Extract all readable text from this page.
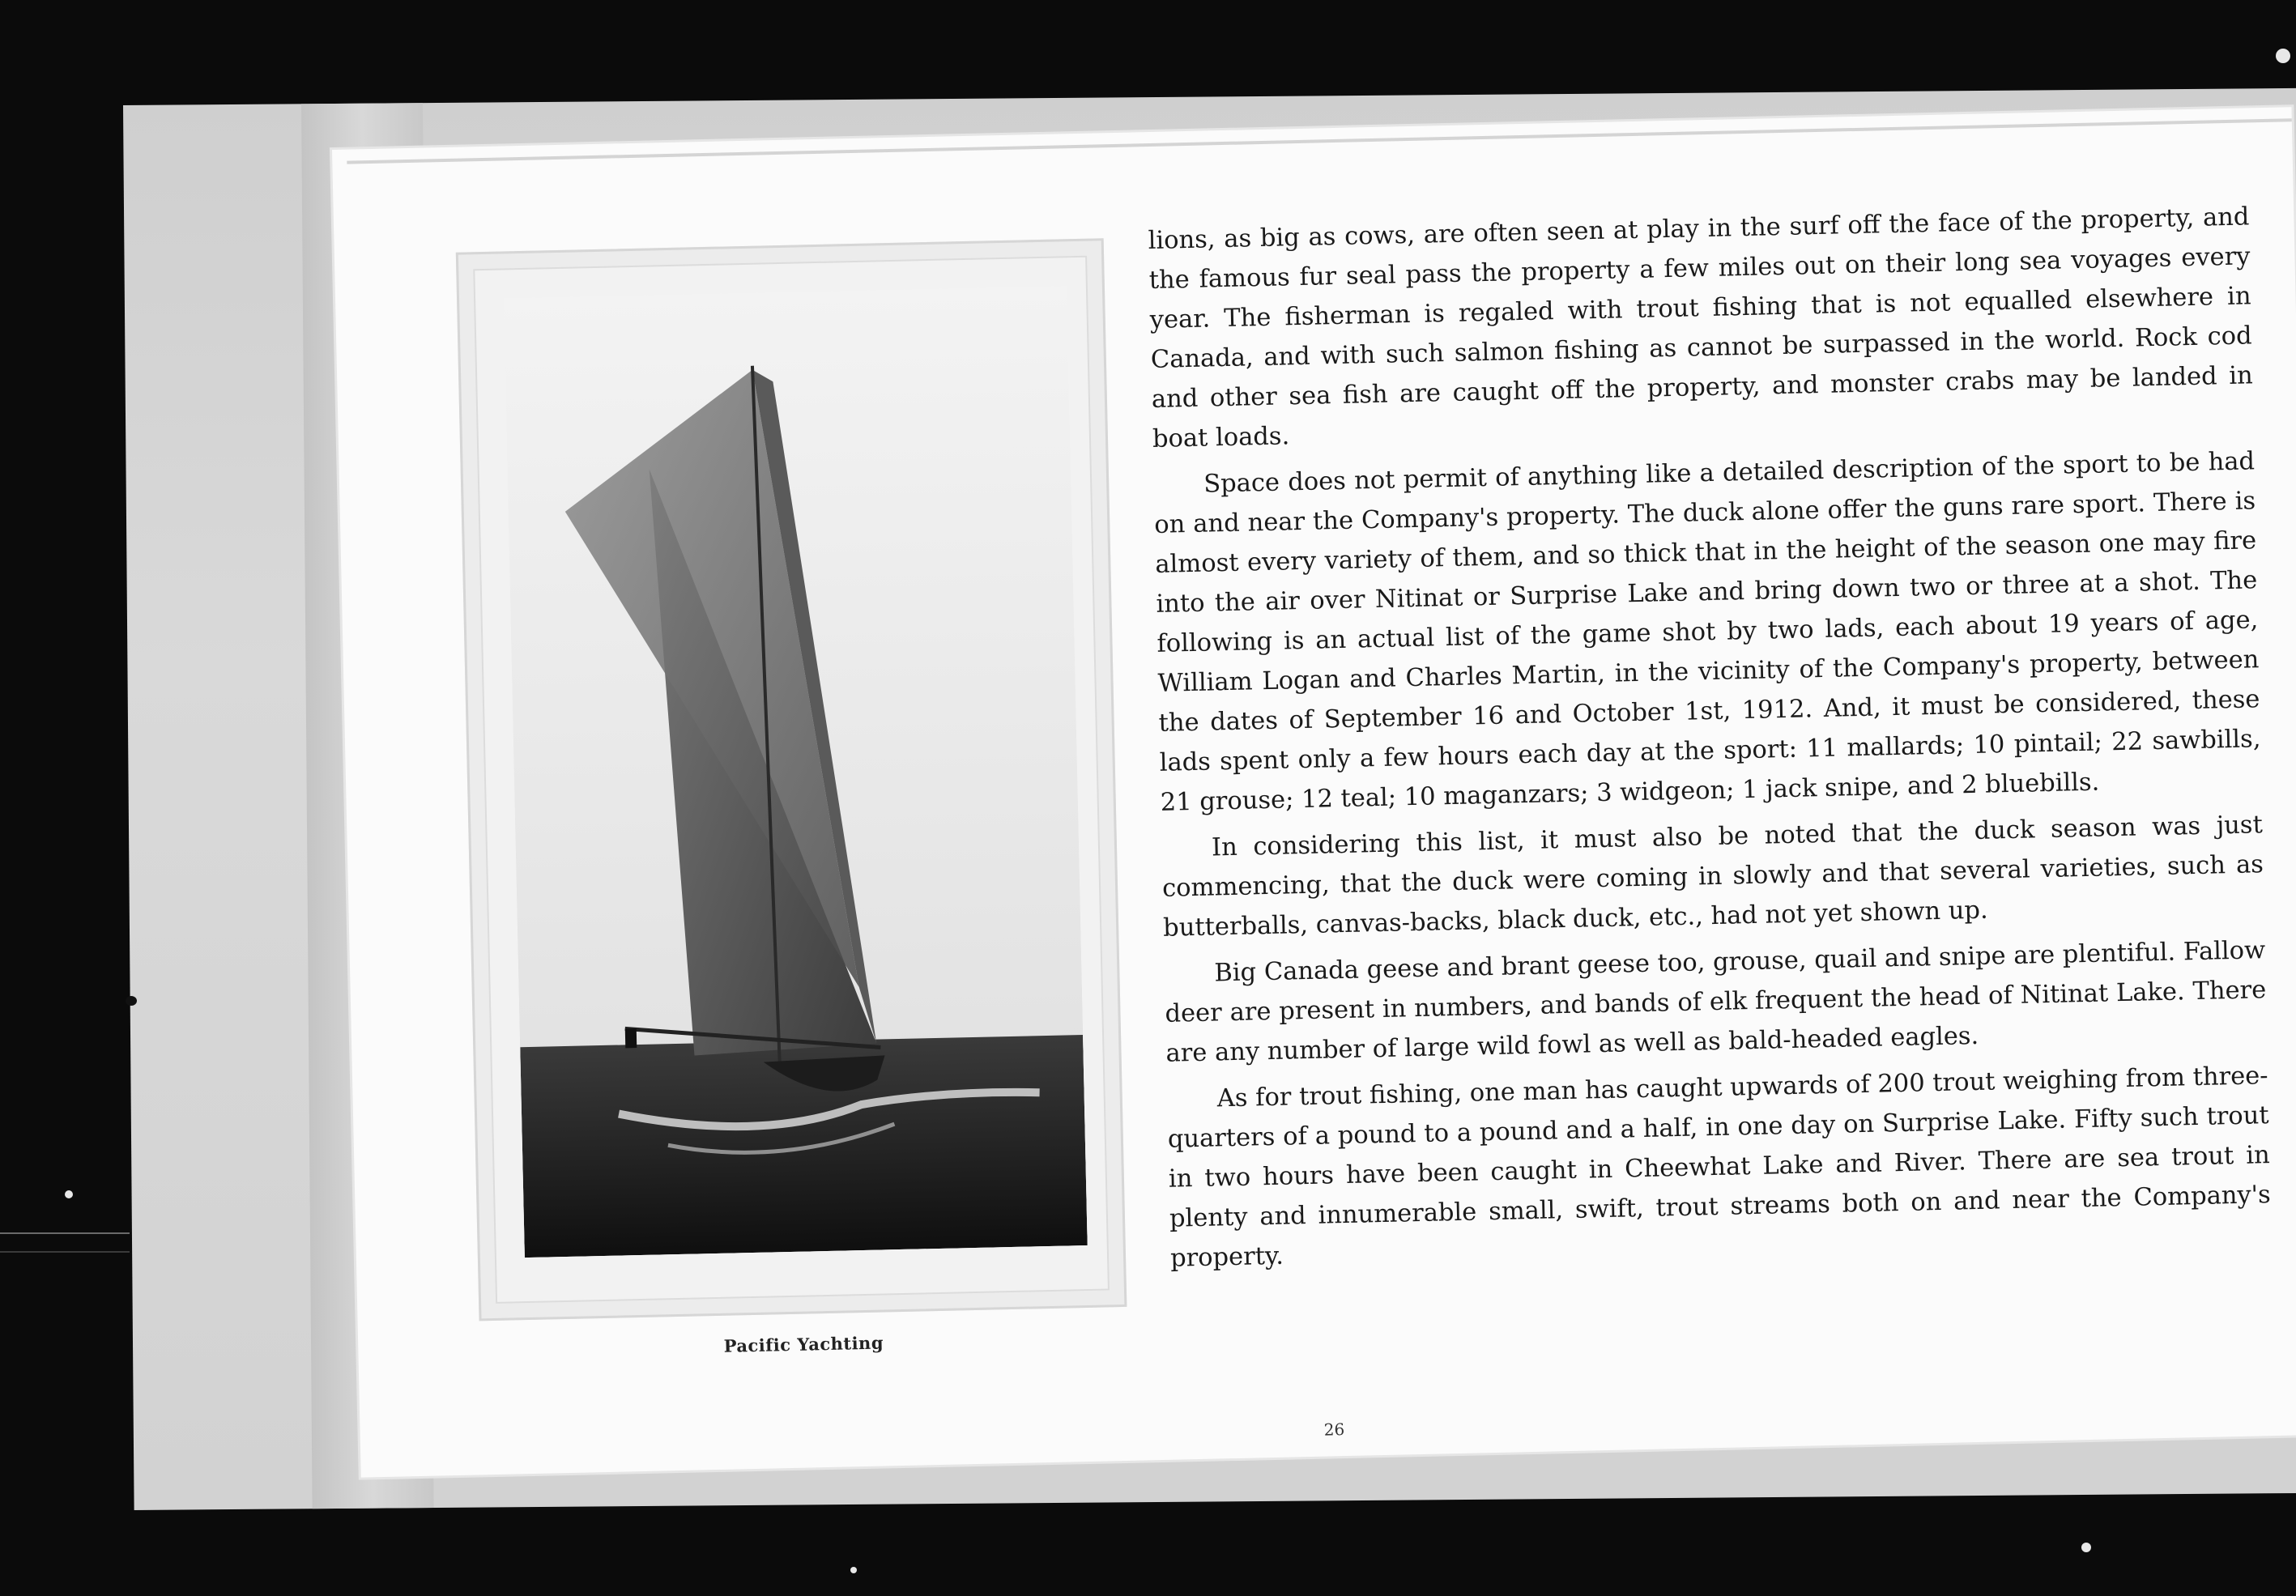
Pacific Yachting

lions, as big as cows, are often seen at play in the surf off the face of the property, and the famous fur seal pass the property a few miles out on their long sea voyages every year. The fisherman is regaled with trout fishing that is not equalled elsewhere in Canada, and with such salmon fishing as cannot be surpassed in the world. Rock cod and other sea fish are caught off the property, and monster crabs may be landed in boat loads.

Space does not permit of anything like a detailed description of the sport to be had on and near the Company's property. The duck alone offer the guns rare sport. There is almost every variety of them, and so thick that in the height of the season one may fire into the air over Nitinat or Surprise Lake and bring down two or three at a shot. The following is an actual list of the game shot by two lads, each about 19 years of age, William Logan and Charles Martin, in the vicinity of the Company's property, between the dates of September 16 and October 1st, 1912. And, it must be considered, these lads spent only a few hours each day at the sport: 11 mallards; 10 pintail; 22 sawbills, 21 grouse; 12 teal; 10 maganzars; 3 widgeon; 1 jack snipe, and 2 bluebills.

In considering this list, it must also be noted that the duck season was just commencing, that the duck were coming in slowly and that several varieties, such as butterballs, canvas-backs, black duck, etc., had not yet shown up.

Big Canada geese and brant geese too, grouse, quail and snipe are plentiful. Fallow deer are present in numbers, and bands of elk frequent the head of Nitinat Lake. There are any number of large wild fowl as well as bald-headed eagles.

As for trout fishing, one man has caught upwards of 200 trout weighing from three-quarters of a pound to a pound and a half, in one day on Surprise Lake. Fifty such trout in two hours have been caught in Cheewhat Lake and River. There are sea trout in plenty and innumerable small, swift, trout streams both on and near the Company's property.

26
